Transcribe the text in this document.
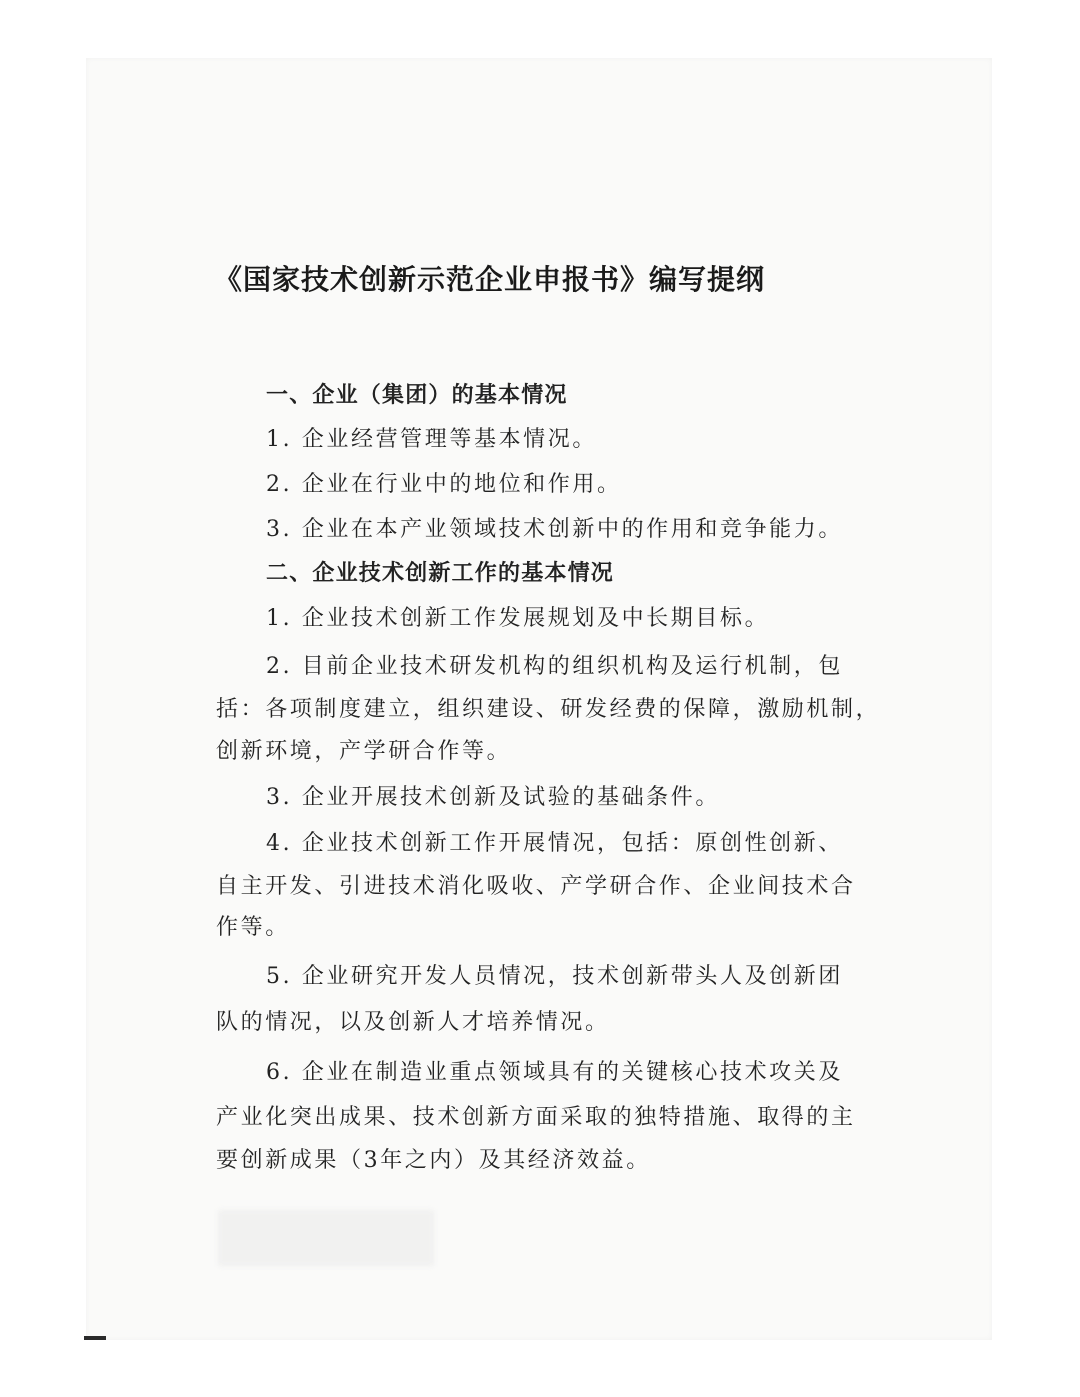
《国家技术创新示范企业申报书》编写提纲
一、企业（集团）的基本情况
1. 企业经营管理等基本情况。
2. 企业在行业中的地位和作用。
3. 企业在本产业领域技术创新中的作用和竞争能力。
二、企业技术创新工作的基本情况
1. 企业技术创新工作发展规划及中长期目标。
2. 目前企业技术研发机构的组织机构及运行机制，包
括：各项制度建立，组织建设、研发经费的保障，激励机制，
创新环境，产学研合作等。
3. 企业开展技术创新及试验的基础条件。
4. 企业技术创新工作开展情况，包括：原创性创新、
自主开发、引进技术消化吸收、产学研合作、企业间技术合
作等。
5. 企业研究开发人员情况，技术创新带头人及创新团
队的情况，以及创新人才培养情况。
6. 企业在制造业重点领域具有的关键核心技术攻关及
产业化突出成果、技术创新方面采取的独特措施、取得的主
要创新成果（3年之内）及其经济效益。
